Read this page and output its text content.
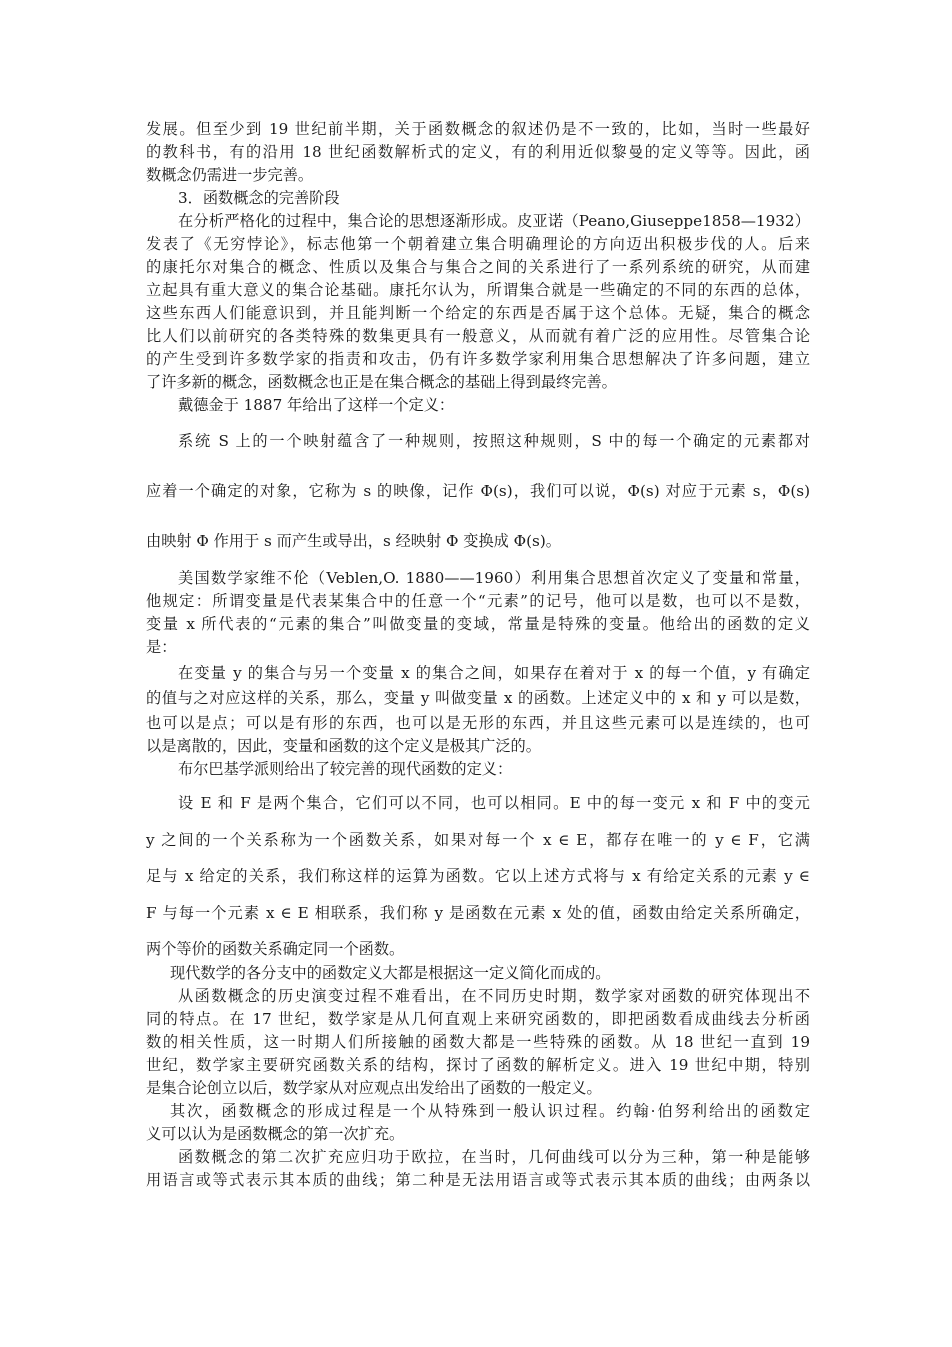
发展。但至少到 19 世纪前半期，关于函数概念的叙述仍是不一致的，比如，当时一些最好
的教科书，有的沿用 18 世纪函数解析式的定义，有的利用近似黎曼的定义等等。因此，函
数概念仍需进一步完善。
3．函数概念的完善阶段
在分析严格化的过程中，集合论的思想逐渐形成。皮亚诺（Peano,Giuseppe1858—1932）
发表了《无穷悖论》，标志他第一个朝着建立集合明确理论的方向迈出积极步伐的人。后来
的康托尔对集合的概念、性质以及集合与集合之间的关系进行了一系列系统的研究，从而建
立起具有重大意义的集合论基础。康托尔认为，所谓集合就是一些确定的不同的东西的总体，
这些东西人们能意识到，并且能判断一个给定的东西是否属于这个总体。无疑，集合的概念
比人们以前研究的各类特殊的数集更具有一般意义，从而就有着广泛的应用性。尽管集合论
的产生受到许多数学家的指责和攻击，仍有许多数学家利用集合思想解决了许多问题，建立
了许多新的概念，函数概念也正是在集合概念的基础上得到最终完善。
戴德金于 1887 年给出了这样一个定义：
系统 S 上的一个映射蕴含了一种规则，按照这种规则，S 中的每一个确定的元素都对
应着一个确定的对象，它称为 s 的映像，记作 Φ(s)，我们可以说，Φ(s) 对应于元素 s，Φ(s)
由映射 Φ 作用于 s 而产生或导出，s 经映射 Φ 变换成 Φ(s)。
美国数学家维不伦（Veblen,O. 1880——1960）利用集合思想首次定义了变量和常量，
他规定：所谓变量是代表某集合中的任意一个“元素”的记号，他可以是数，也可以不是数，
变量 x 所代表的“元素的集合”叫做变量的变域，常量是特殊的变量。他给出的函数的定义
是：
在变量 y 的集合与另一个变量 x 的集合之间，如果存在着对于 x 的每一个值，y 有确定
的值与之对应这样的关系，那么，变量 y 叫做变量 x 的函数。上述定义中的 x 和 y 可以是数，
也可以是点；可以是有形的东西，也可以是无形的东西，并且这些元素可以是连续的，也可
以是离散的，因此，变量和函数的这个定义是极其广泛的。
布尔巴基学派则给出了较完善的现代函数的定义：
设 E 和 F 是两个集合，它们可以不同，也可以相同。E 中的每一变元 x 和 F 中的变元
y 之间的一个关系称为一个函数关系，如果对每一个 x ∈ E，都存在唯一的 y ∈ F，它满
足与 x 给定的关系，我们称这样的运算为函数。它以上述方式将与 x 有给定关系的元素 y ∈
F 与每一个元素 x ∈ E 相联系，我们称 y 是函数在元素 x 处的值，函数由给定关系所确定，
两个等价的函数关系确定同一个函数。
现代数学的各分支中的函数定义大都是根据这一定义简化而成的。
从函数概念的历史演变过程不难看出，在不同历史时期，数学家对函数的研究体现出不
同的特点。在 17 世纪，数学家是从几何直观上来研究函数的，即把函数看成曲线去分析函
数的相关性质，这一时期人们所接触的函数大都是一些特殊的函数。从 18 世纪一直到 19
世纪，数学家主要研究函数关系的结构，探讨了函数的解析定义。进入 19 世纪中期，特别
是集合论创立以后，数学家从对应观点出发给出了函数的一般定义。
其次，函数概念的形成过程是一个从特殊到一般认识过程。约翰·伯努利给出的函数定
义可以认为是函数概念的第一次扩充。
函数概念的第二次扩充应归功于欧拉，在当时，几何曲线可以分为三种，第一种是能够
用语言或等式表示其本质的曲线；第二种是无法用语言或等式表示其本质的曲线；由两条以
